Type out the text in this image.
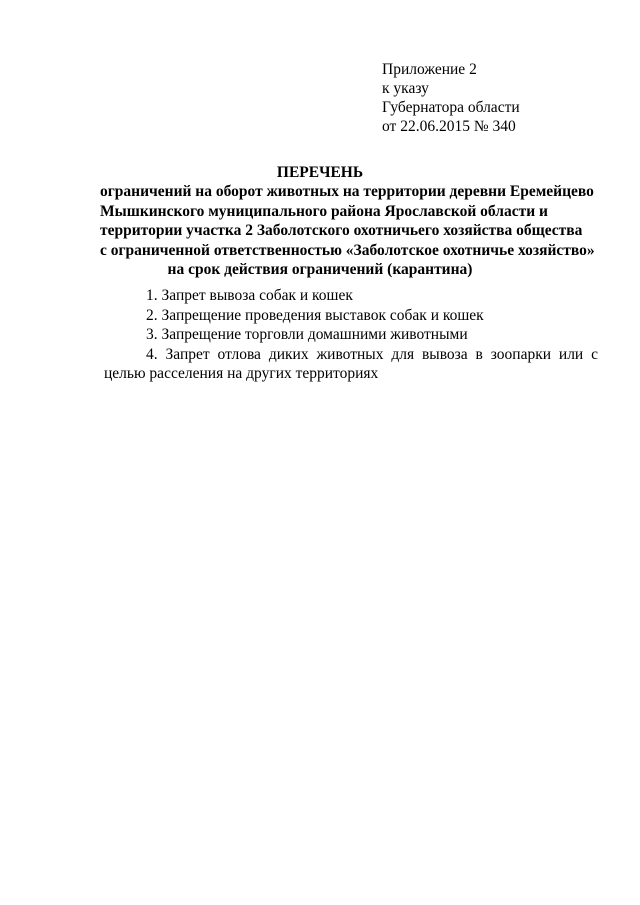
Приложение 2
к указу
Губернатора области
от 22.06.2015 № 340
ПЕРЕЧЕНЬ
ограничений на оборот животных на территории деревни Еремейцево
Мышкинского муниципального района Ярославской области и
территории участка 2 Заболотского охотничьего хозяйства общества
с ограниченной ответственностью «Заболотское охотничье хозяйство»
на срок действия ограничений (карантина)
1. Запрет вывоза собак и кошек
2. Запрещение проведения выставок собак и кошек
3. Запрещение торговли домашними животными
4. Запрет отлова диких животных для вывоза в зоопарки или с целью расселения на других территориях
